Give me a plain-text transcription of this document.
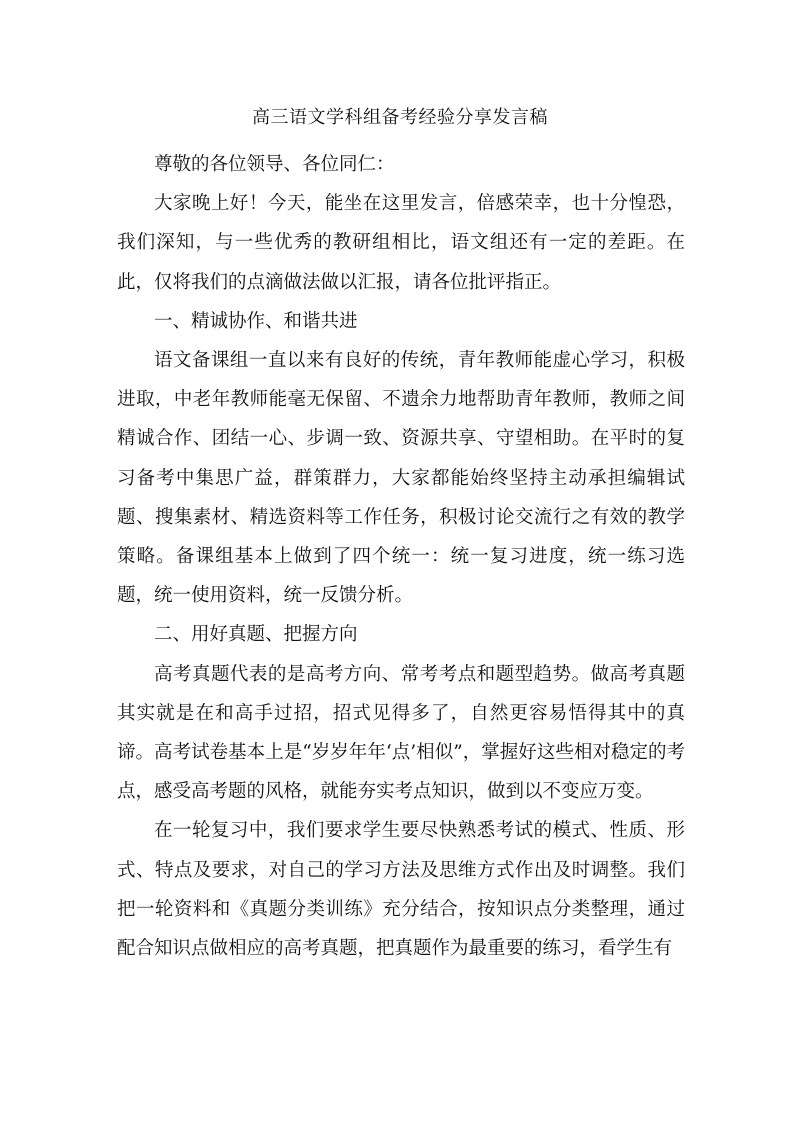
高三语文学科组备考经验分享发言稿

尊敬的各位领导、各位同仁：

大家晚上好！今天，能坐在这里发言，倍感荣幸，也十分惶恐，我们深知，与一些优秀的教研组相比，语文组还有一定的差距。在此，仅将我们的点滴做法做以汇报，请各位批评指正。

一、精诚协作、和谐共进

语文备课组一直以来有良好的传统，青年教师能虚心学习，积极进取，中老年教师能毫无保留、不遗余力地帮助青年教师，教师之间精诚合作、团结一心、步调一致、资源共享、守望相助。在平时的复习备考中集思广益，群策群力，大家都能始终坚持主动承担编辑试题、搜集素材、精选资料等工作任务，积极讨论交流行之有效的教学策略。备课组基本上做到了四个统一：统一复习进度，统一练习选题，统一使用资料，统一反馈分析。

二、用好真题、把握方向

高考真题代表的是高考方向、常考考点和题型趋势。做高考真题其实就是在和高手过招，招式见得多了，自然更容易悟得其中的真谛。高考试卷基本上是“岁岁年年‘点’相似”，掌握好这些相对稳定的考点，感受高考题的风格，就能夯实考点知识，做到以不变应万变。

在一轮复习中，我们要求学生要尽快熟悉考试的模式、性质、形式、特点及要求，对自己的学习方法及思维方式作出及时调整。我们把一轮资料和《真题分类训练》充分结合，按知识点分类整理，通过配合知识点做相应的高考真题，把真题作为最重要的练习，看学生有
